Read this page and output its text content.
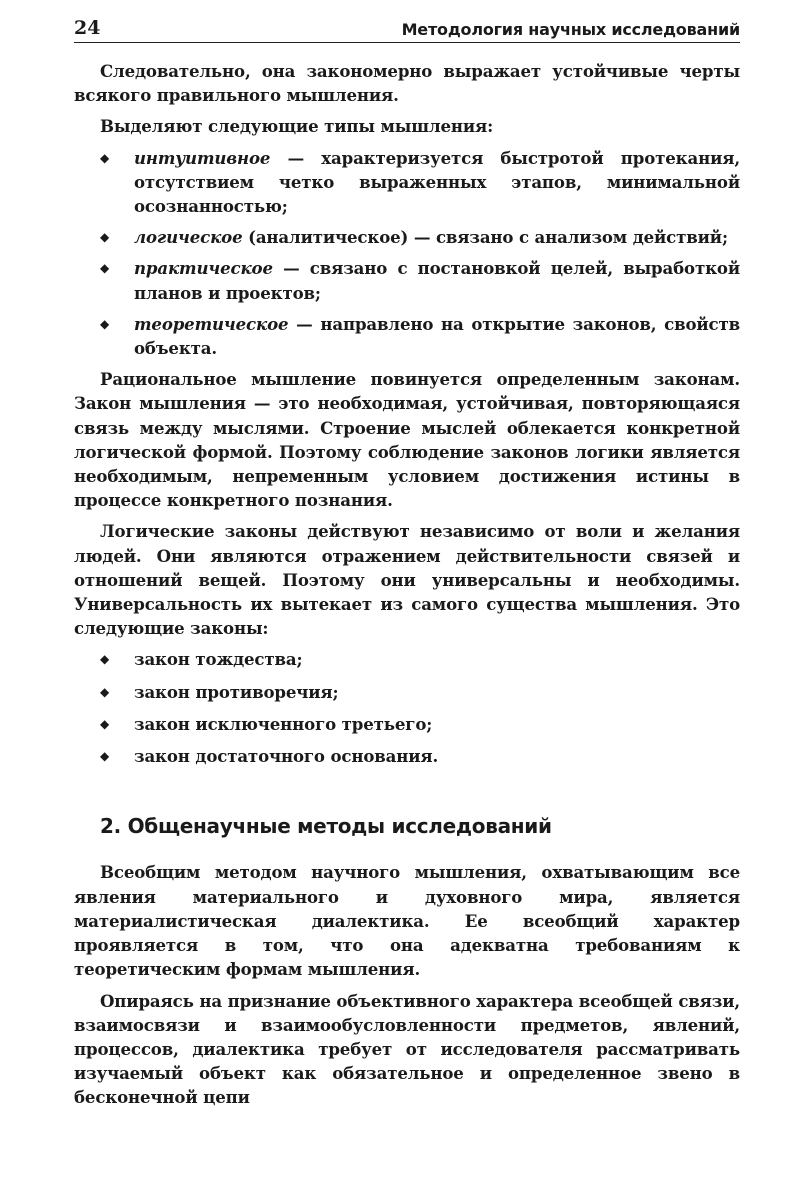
24	Методология научных исследований

Следовательно, она закономерно выражает устойчивые черты всякого правильного мышления.

Выделяют следующие типы мышления:

◆ интуитивное — характеризуется быстротой протекания, отсутствием четко выраженных этапов, минимальной осознанностью;
◆ логическое (аналитическое) — связано с анализом действий;
◆ практическое — связано с постановкой целей, выработкой планов и проектов;
◆ теоретическое — направлено на открытие законов, свойств объекта.

Рациональное мышление повинуется определенным законам. Закон мышления — это необходимая, устойчивая, повторяющаяся связь между мыслями. Строение мыслей облекается конкретной логической формой. Поэтому соблюдение законов логики является необходимым, непременным условием достижения истины в процессе конкретного познания.

Логические законы действуют независимо от воли и желания людей. Они являются отражением действительности связей и отношений вещей. Поэтому они универсальны и необходимы. Универсальность их вытекает из самого существа мышления. Это следующие законы:

◆ закон тождества;
◆ закон противоречия;
◆ закон исключенного третьего;
◆ закон достаточного основания.
2. Общенаучные методы исследований

Всеобщим методом научного мышления, охватывающим все явления материального и духовного мира, является материалистическая диалектика. Ее всеобщий характер проявляется в том, что она адекватна требованиям к теоретическим формам мышления.

Опираясь на признание объективного характера всеобщей связи, взаимосвязи и взаимообусловленности предметов, явлений, процессов, диалектика требует от исследователя рассматривать изучаемый объект как обязательное и определенное звено в бесконечной цепи
